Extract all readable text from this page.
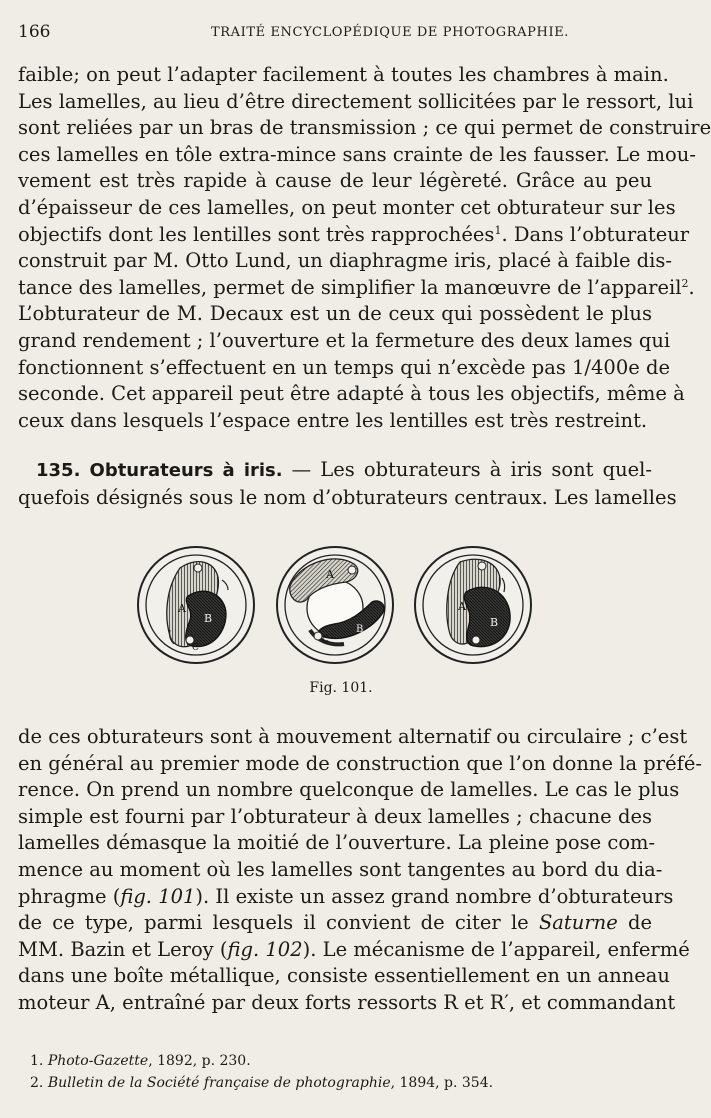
166	TRAITÉ ENCYCLOPÉDIQUE DE PHOTOGRAPHIE.

faible; on peut l’adapter facilement à toutes les chambres à main.
Les lamelles, au lieu d’être directement sollicitées par le ressort, lui
sont reliées par un bras de transmission ; ce qui permet de construire
ces lamelles en tôle extra-mince sans crainte de les fausser. Le mou-
vement est très rapide à cause de leur légèreté. Grâce au peu
d’épaisseur de ces lamelles, on peut monter cet obturateur sur les
objectifs dont les lentilles sont très rapprochées$^1$. Dans l’obturateur
construit par M. Otto Lund, un diaphragme iris, placé à faible dis-
tance des lamelles, permet de simplifier la manœuvre de l’appareil$^2$.
L’obturateur de M. Decaux est un de ceux qui possèdent le plus
grand rendement ; l’ouverture et la fermeture des deux lames qui
fonctionnent s’effectuent en un temps qui n’excède pas 1/400e de
seconde. Cet appareil peut être adapté à tous les objectifs, même à
ceux dans lesquels l’espace entre les lentilles est très restreint.

135. Obturateurs à iris. — Les obturateurs à iris sont quel-
quefois désignés sous le nom d’obturateurs centraux. Les lamelles

A
B
C
A
B
C
A
B
Fig. 101.

de ces obturateurs sont à mouvement alternatif ou circulaire ; c’est
en général au premier mode de construction que l’on donne la préfé-
rence. On prend un nombre quelconque de lamelles. Le cas le plus
simple est fourni par l’obturateur à deux lamelles ; chacune des
lamelles démasque la moitié de l’ouverture. La pleine pose com-
mence au moment où les lamelles sont tangentes au bord du dia-
phragme (fig. 101). Il existe un assez grand nombre d’obturateurs
de ce type, parmi lesquels il convient de citer le Saturne de
MM. Bazin et Leroy (fig. 102). Le mécanisme de l’appareil, enfermé
dans une boîte métallique, consiste essentiellement en un anneau
moteur A, entraîné par deux forts ressorts R et R′, et commandant

1. Photo-Gazette, 1892, p. 230.
2. Bulletin de la Société française de photographie, 1894, p. 354.
